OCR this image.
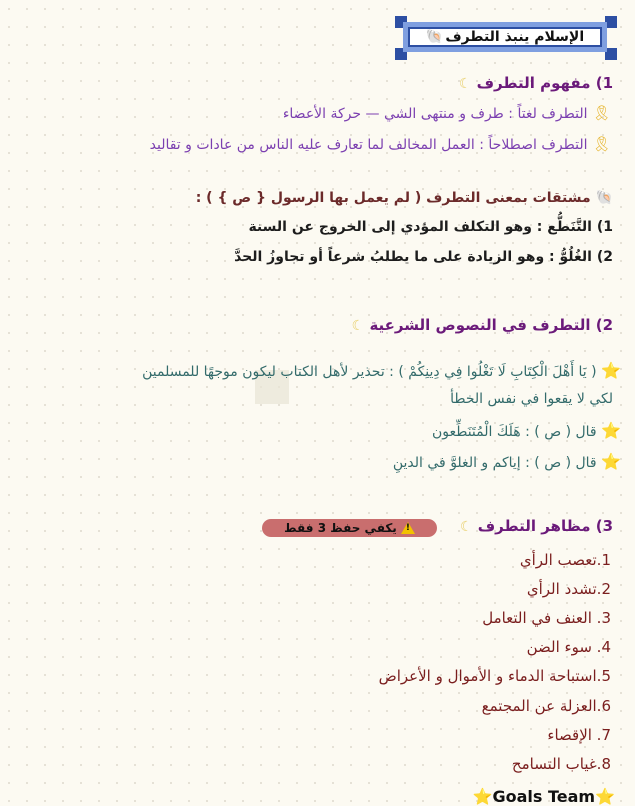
الإسلام ينبذ التطرف
🐚
1) مفهوم التطرف ☾
🎗 التطرف لغتاً : طرف و منتهى الشي — حركة الأعضاء
🎗 التطرف اصطلاحاً : العمل المخالف لما تعارف عليه الناس من عادات و تقاليد
🐚 مشتقات بمعنى التطرف ( لم يعمل بها الرسول { ص } ) :
1) التَّنَطُّع : وهو التكلف المؤدي إلى الخروج عن السنة
2) الغُلُوُّ : وهو الزيادة على ما يطلبُ شرعاً أو تجاوزُ الحدَّ
2) التطرف في النصوص الشرعية ☾
⭐ ( يَا أَهْلَ الْكِتَابِ لَا تَغْلُوا فِي دِينِكُمْ ) : تحذير لأهل الكتاب ليكون موجهًا للمسلمين
لكي لا يقعوا في نفس الخطأ
⭐ قال ( ص ) : هَلَكَ الْمُتَنَطِّعون
⭐ قال ( ص ) : إياكم و الغلوَّ في الدينِ
3) مظاهر التطرف ☾
!
يكفي حفظ 3 فقط
1.تعصب الرأي
2.تشدد الرأي
3. العنف في التعامل
4. سوء الضن
5.استباحة الدماء و الأموال و الأعراض
6.العزلة عن المجتمع
7. الإقصاء
8.غياب التسامح
⭐Goals Team⭐
